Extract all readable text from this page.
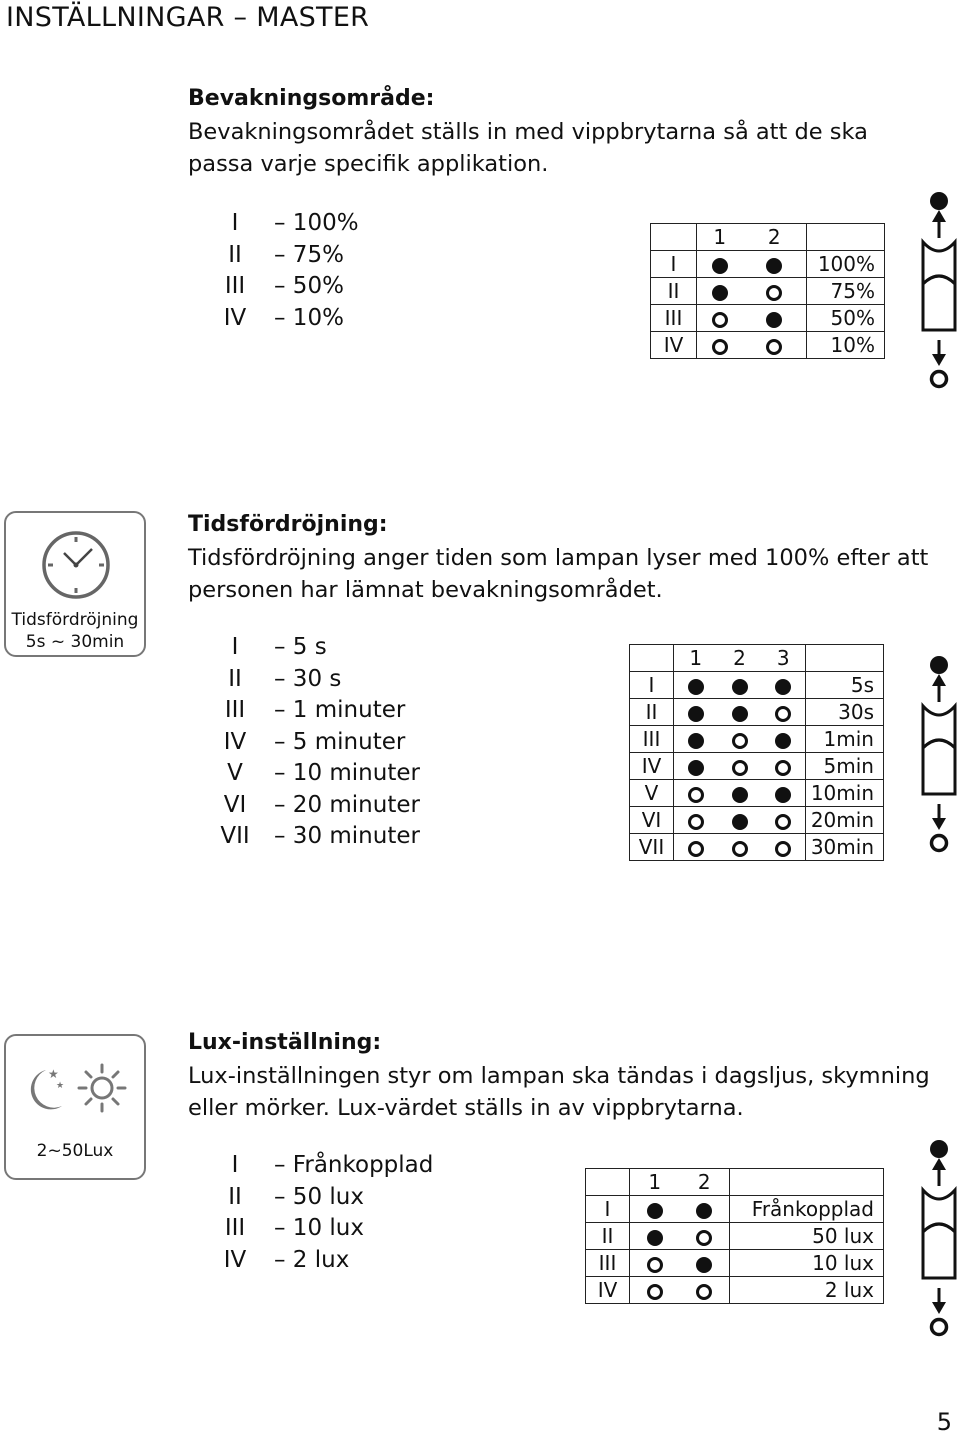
INSTÄLLNINGAR – MASTER
Bevakningsområde:
Bevakningsområdet ställs in med vippbrytarna så att de ska passa varje specifik applikation.
I	– 100%
II	– 75%
III	– 50%
IV	– 10%
	1	2	
I			100%
II			75%
III			50%
IV			10%
Tidsfördröjning
5s ~ 30min
Tidsfördröjning:
Tidsfördröjning anger tiden som lampan lyser med 100% efter att personen har lämnat bevakningsområdet.
I	– 5 s
II	– 30 s
III	– 1 minuter
IV	– 5 minuter
V	– 10 minuter
VI	– 20 minuter
VII	– 30 minuter
	1	2	3	
I				5s
II				30s
III				1min
IV				5min
V				10min
VI				20min
VII				30min
★
★
2~50Lux
Lux-inställning:
Lux-inställningen styr om lampan ska tändas i dagsljus, skymning eller mörker. Lux-värdet ställs in av vippbrytarna.
I	– Frånkopplad
II	– 50 lux
III	– 10 lux
IV	– 2 lux
	1	2	
I			Frånkopplad
II			50 lux
III			10 lux
IV			2 lux
5
